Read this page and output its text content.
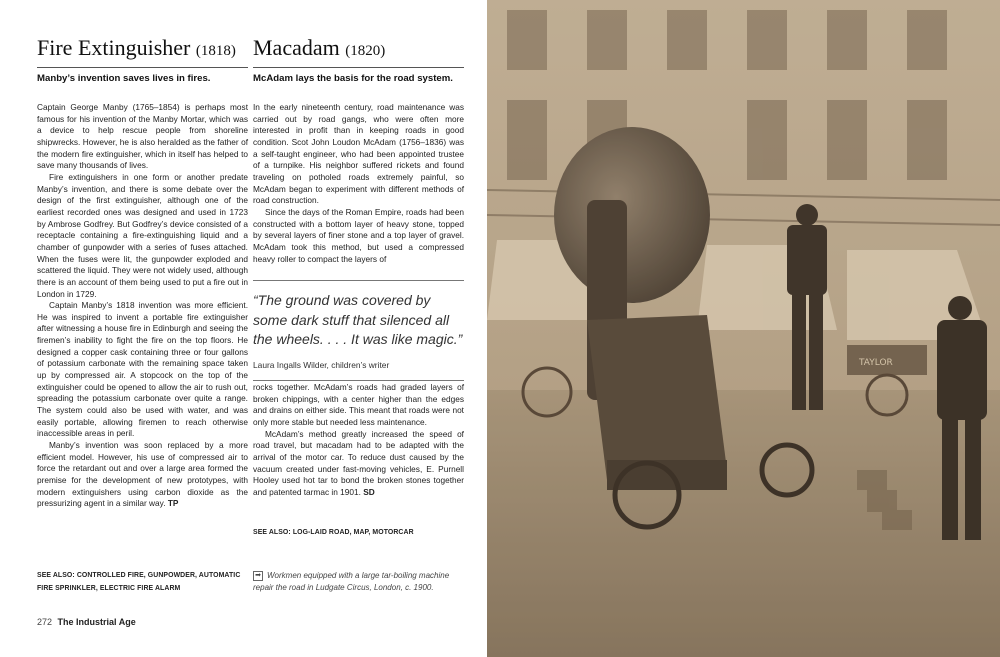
Fire Extinguisher (1818)

Manby’s invention saves lives in fires.

Captain George Manby (1765–1854) is perhaps most famous for his invention of the Manby Mortar, which was a device to help rescue people from shoreline shipwrecks. However, he is also heralded as the father of the modern fire extinguisher, which in itself has helped to save many thousands of lives.

Fire extinguishers in one form or another predate Manby’s invention, and there is some debate over the design of the first extinguisher, although one of the earliest recorded ones was designed and used in 1723 by Ambrose Godfrey. But Godfrey’s device consisted of a receptacle containing a fire-extinguishing liquid and a chamber of gunpowder with a series of fuses attached. When the fuses were lit, the gunpowder exploded and scattered the liquid. They were not widely used, although there is an account of them being used to put a fire out in London in 1729.

Captain Manby’s 1818 invention was more efficient. He was inspired to invent a portable fire extinguisher after witnessing a house fire in Edinburgh and seeing the firemen’s inability to fight the fire on the top floors. He designed a copper cask containing three or four gallons of potassium carbonate with the remaining space taken up by compressed air. A stopcock on the top of the extinguisher could be opened to allow the air to rush out, spreading the potassium carbonate over quite a range. The system could also be used with water, and was easily portable, allowing firemen to reach otherwise inaccessible areas in peril.

Manby’s invention was soon replaced by a more efficient model. However, his use of compressed air to force the retardant out and over a large area formed the premise for the development of new prototypes, with modern extinguishers using carbon dioxide as the pressurizing agent in a similar way. TP

SEE ALSO: CONTROLLED FIRE, GUNPOWDER, AUTOMATIC FIRE SPRINKLER, ELECTRIC FIRE ALARM
Macadam (1820)

McAdam lays the basis for the road system.

In the early nineteenth century, road maintenance was carried out by road gangs, who were often more interested in profit than in keeping roads in good condition. Scot John Loudon McAdam (1756–1836) was a self-taught engineer, who had been appointed trustee of a turnpike. His neighbor suffered rickets and found traveling on potholed roads extremely painful, so McAdam began to experiment with different methods of road construction.

Since the days of the Roman Empire, roads had been constructed with a bottom layer of heavy stone, topped by several layers of finer stone and a top layer of gravel. McAdam took this method, but used a compressed heavy roller to compact the layers of

“The ground was covered by some dark stuff that silenced all the wheels. . . . It was like magic.”

Laura Ingalls Wilder, children’s writer

rocks together. McAdam’s roads had graded layers of broken chippings, with a center higher than the edges and drains on either side. This meant that roads were not only more stable but needed less maintenance.

McAdam’s method greatly increased the speed of road travel, but macadam had to be adapted with the arrival of the motor car. To reduce dust caused by the vacuum created under fast-moving vehicles, E. Purnell Hooley used hot tar to bond the broken stones together and patented tarmac in 1901. SD

SEE ALSO: LOG-LAID ROAD, MAP, MOTORCAR
➡ Workmen equipped with a large tar-boiling machine repair the road in Ludgate Circus, London, c. 1900.
272 The Industrial Age
TAYLOR
